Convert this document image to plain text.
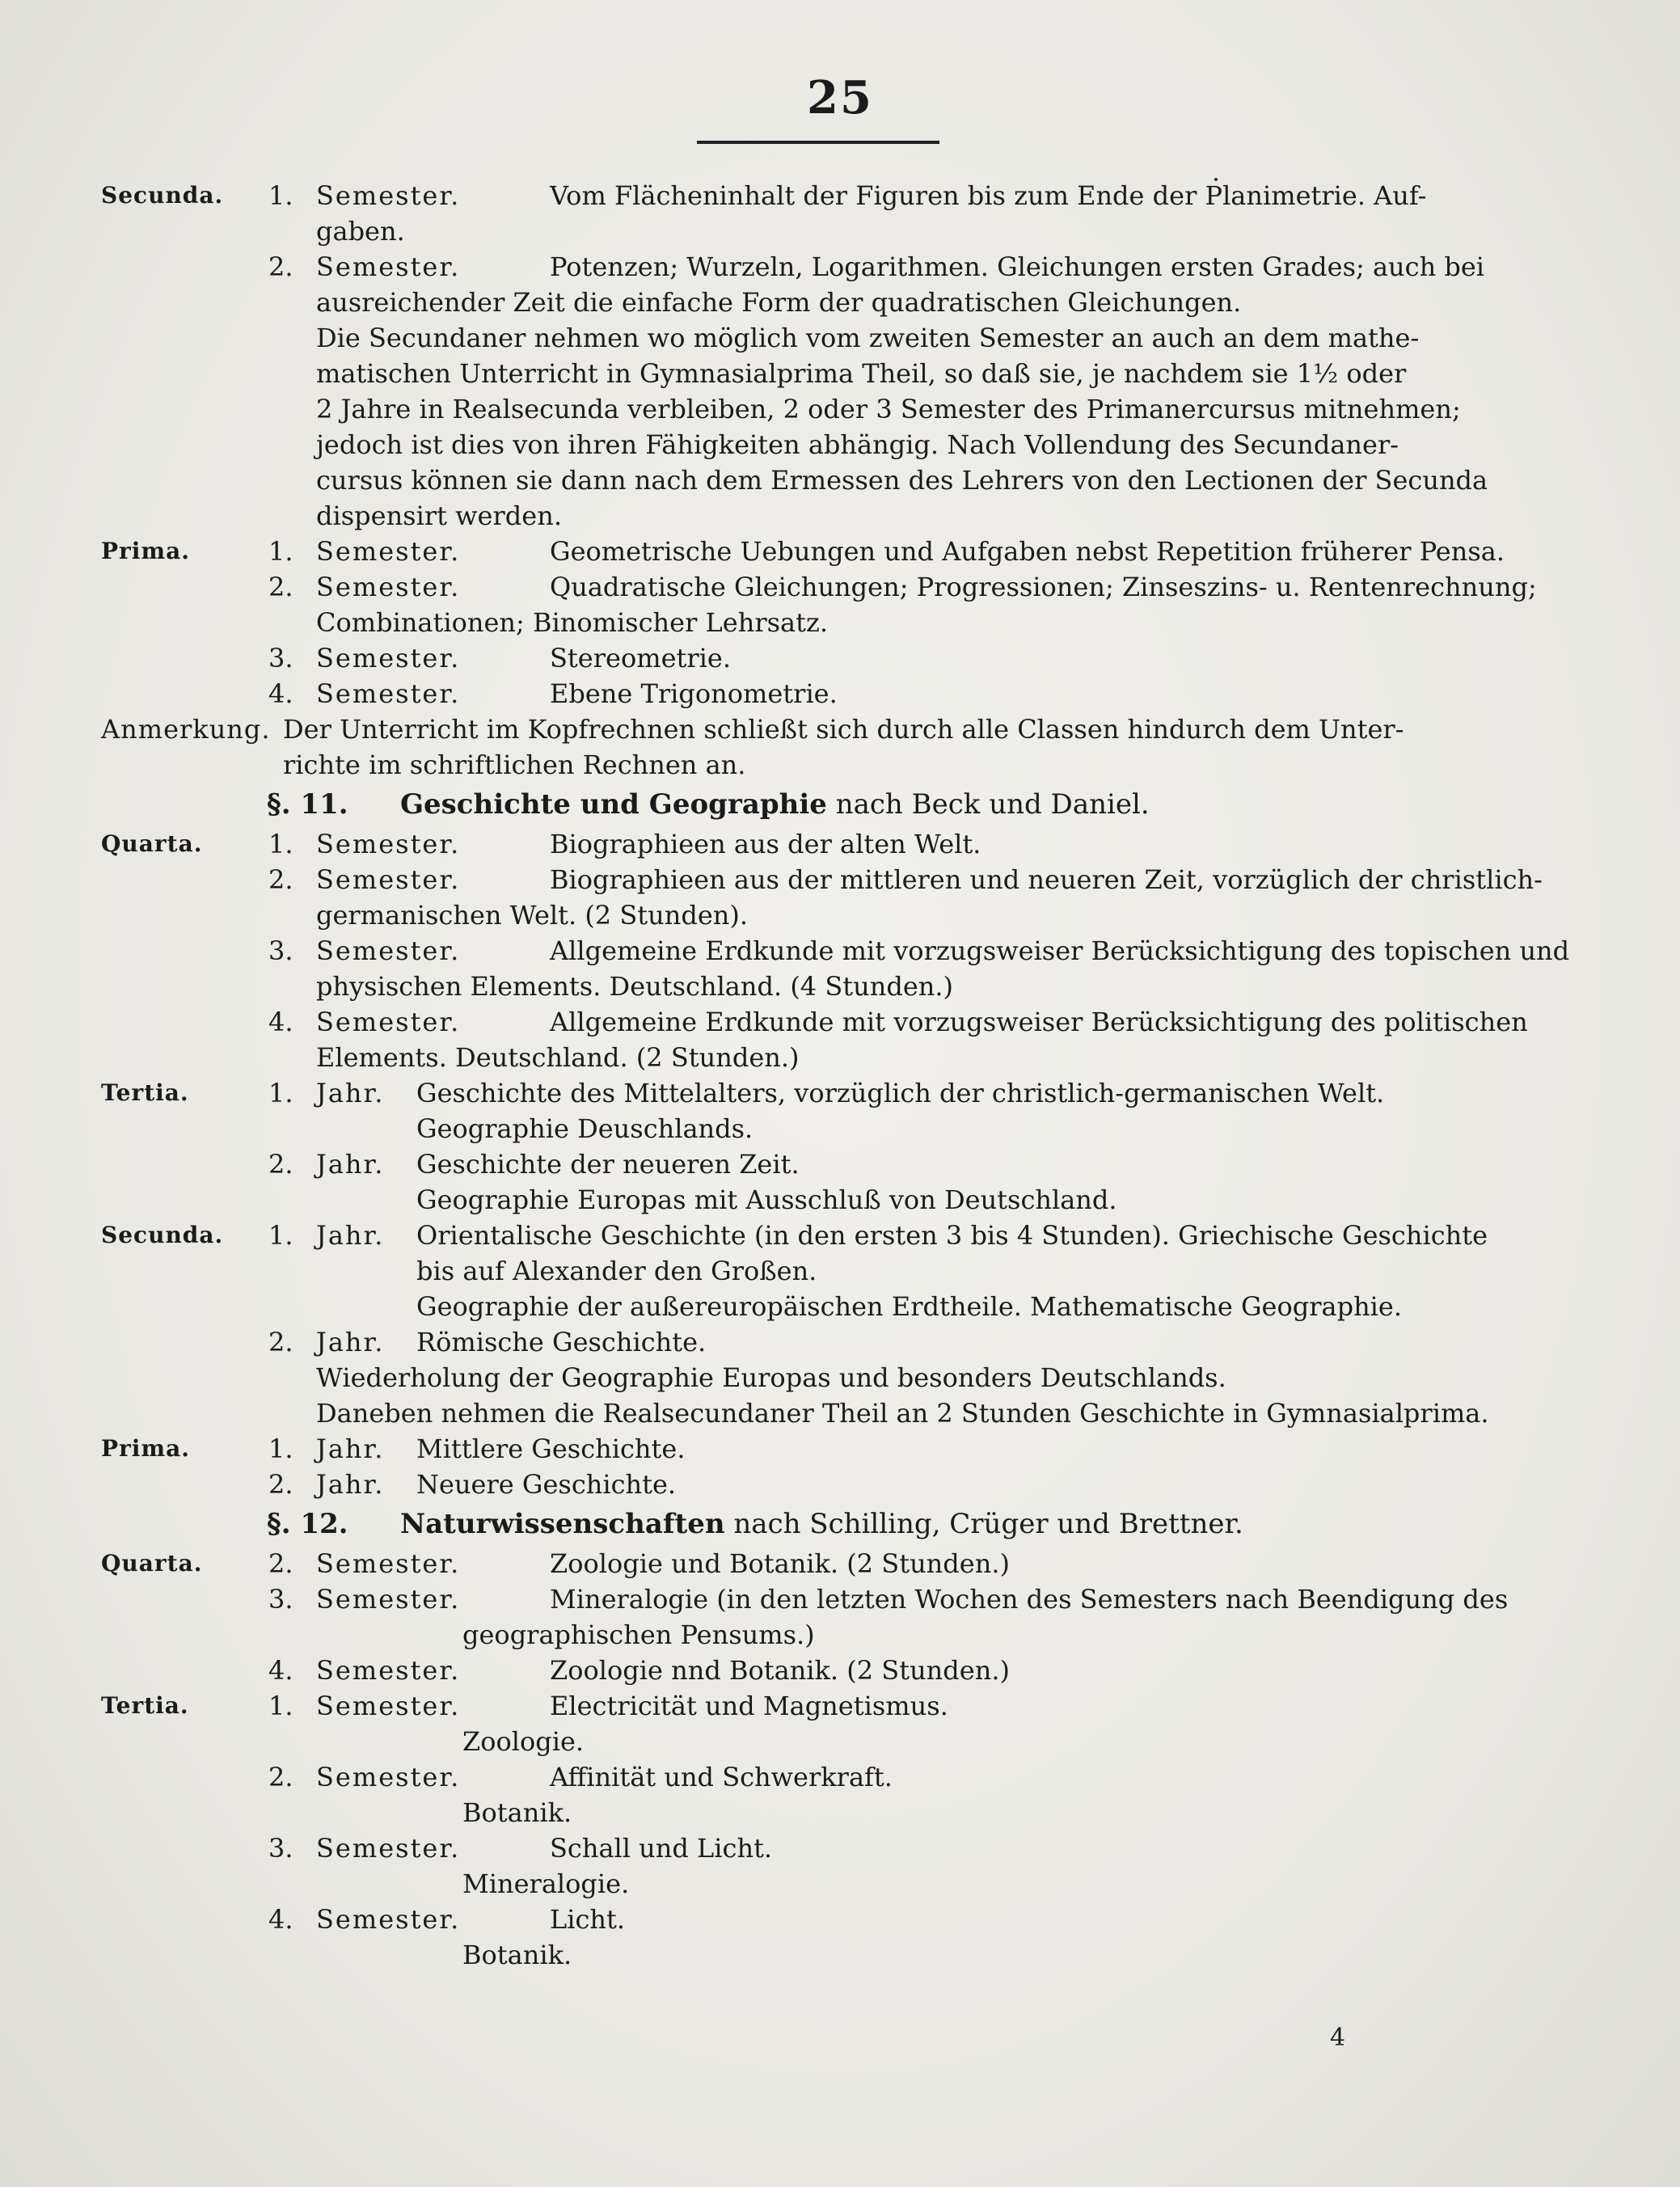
25
Secunda. 1. Semester.	Vom Flächeninhalt der Figuren bis zum Ende der Planimetrie. Auf-
gaben.
2. Semester.	Potenzen; Wurzeln, Logarithmen. Gleichungen ersten Grades; auch bei
ausreichender Zeit die einfache Form der quadratischen Gleichungen.
Die Secundaner nehmen wo möglich vom zweiten Semester an auch an dem mathe-
matischen Unterricht in Gymnasialprima Theil, so daß sie, je nachdem sie 1½ oder
2 Jahre in Realsecunda verbleiben, 2 oder 3 Semester des Primanercursus mitnehmen;
jedoch ist dies von ihren Fähigkeiten abhängig. Nach Vollendung des Secundaner-
cursus können sie dann nach dem Ermessen des Lehrers von den Lectionen der Secunda
dispensirt werden.
Prima.	1. Semester.	Geometrische Uebungen und Aufgaben nebst Repetition früherer Pensa.
2. Semester.	Quadratische Gleichungen; Progressionen; Zinseszins- u. Rentenrechnung;
Combinationen; Binomischer Lehrsatz.
3. Semester.	Stereometrie.
4. Semester.	Ebene Trigonometrie.
Anmerkung. Der Unterricht im Kopfrechnen schließt sich durch alle Classen hindurch dem Unter-
richte im schriftlichen Rechnen an.
§. 11. Geschichte und Geographie nach Beck und Daniel.
Quarta.	1. Semester.	Biographieen aus der alten Welt.
2. Semester.	Biographieen aus der mittleren und neueren Zeit, vorzüglich der christlich-
germanischen Welt. (2 Stunden).
3. Semester.	Allgemeine Erdkunde mit vorzugsweiser Berücksichtigung des topischen und
physischen Elements. Deutschland. (4 Stunden.)
4. Semester.	Allgemeine Erdkunde mit vorzugsweiser Berücksichtigung des politischen
Elements. Deutschland. (2 Stunden.)
Tertia.	1. Jahr. Geschichte des Mittelalters, vorzüglich der christlich-germanischen Welt.
Geographie Deuschlands.
2. Jahr. Geschichte der neueren Zeit.
Geographie Europas mit Ausschluß von Deutschland.
Secunda. 1. Jahr. Orientalische Geschichte (in den ersten 3 bis 4 Stunden). Griechische Geschichte
bis auf Alexander den Großen.
Geographie der außereuropäischen Erdtheile. Mathematische Geographie.
2. Jahr. Römische Geschichte.
Wiederholung der Geographie Europas und besonders Deutschlands.
Daneben nehmen die Realsecundaner Theil an 2 Stunden Geschichte in Gymnasialprima.
Prima.	1. Jahr. Mittlere Geschichte.
2. Jahr. Neuere Geschichte.
§. 12. Naturwissenschaften nach Schilling, Crüger und Brettner.
Quarta.	2. Semester.	Zoologie und Botanik. (2 Stunden.)
3. Semester.	Mineralogie (in den letzten Wochen des Semesters nach Beendigung des
geographischen Pensums.)
4. Semester.	Zoologie nnd Botanik. (2 Stunden.)
Tertia.	1. Semester.	Electricität und Magnetismus.
Zoologie.
2. Semester.	Affinität und Schwerkraft.
Botanik.
3. Semester.	Schall und Licht.
Mineralogie.
4. Semester.	Licht.
Botanik.
4
